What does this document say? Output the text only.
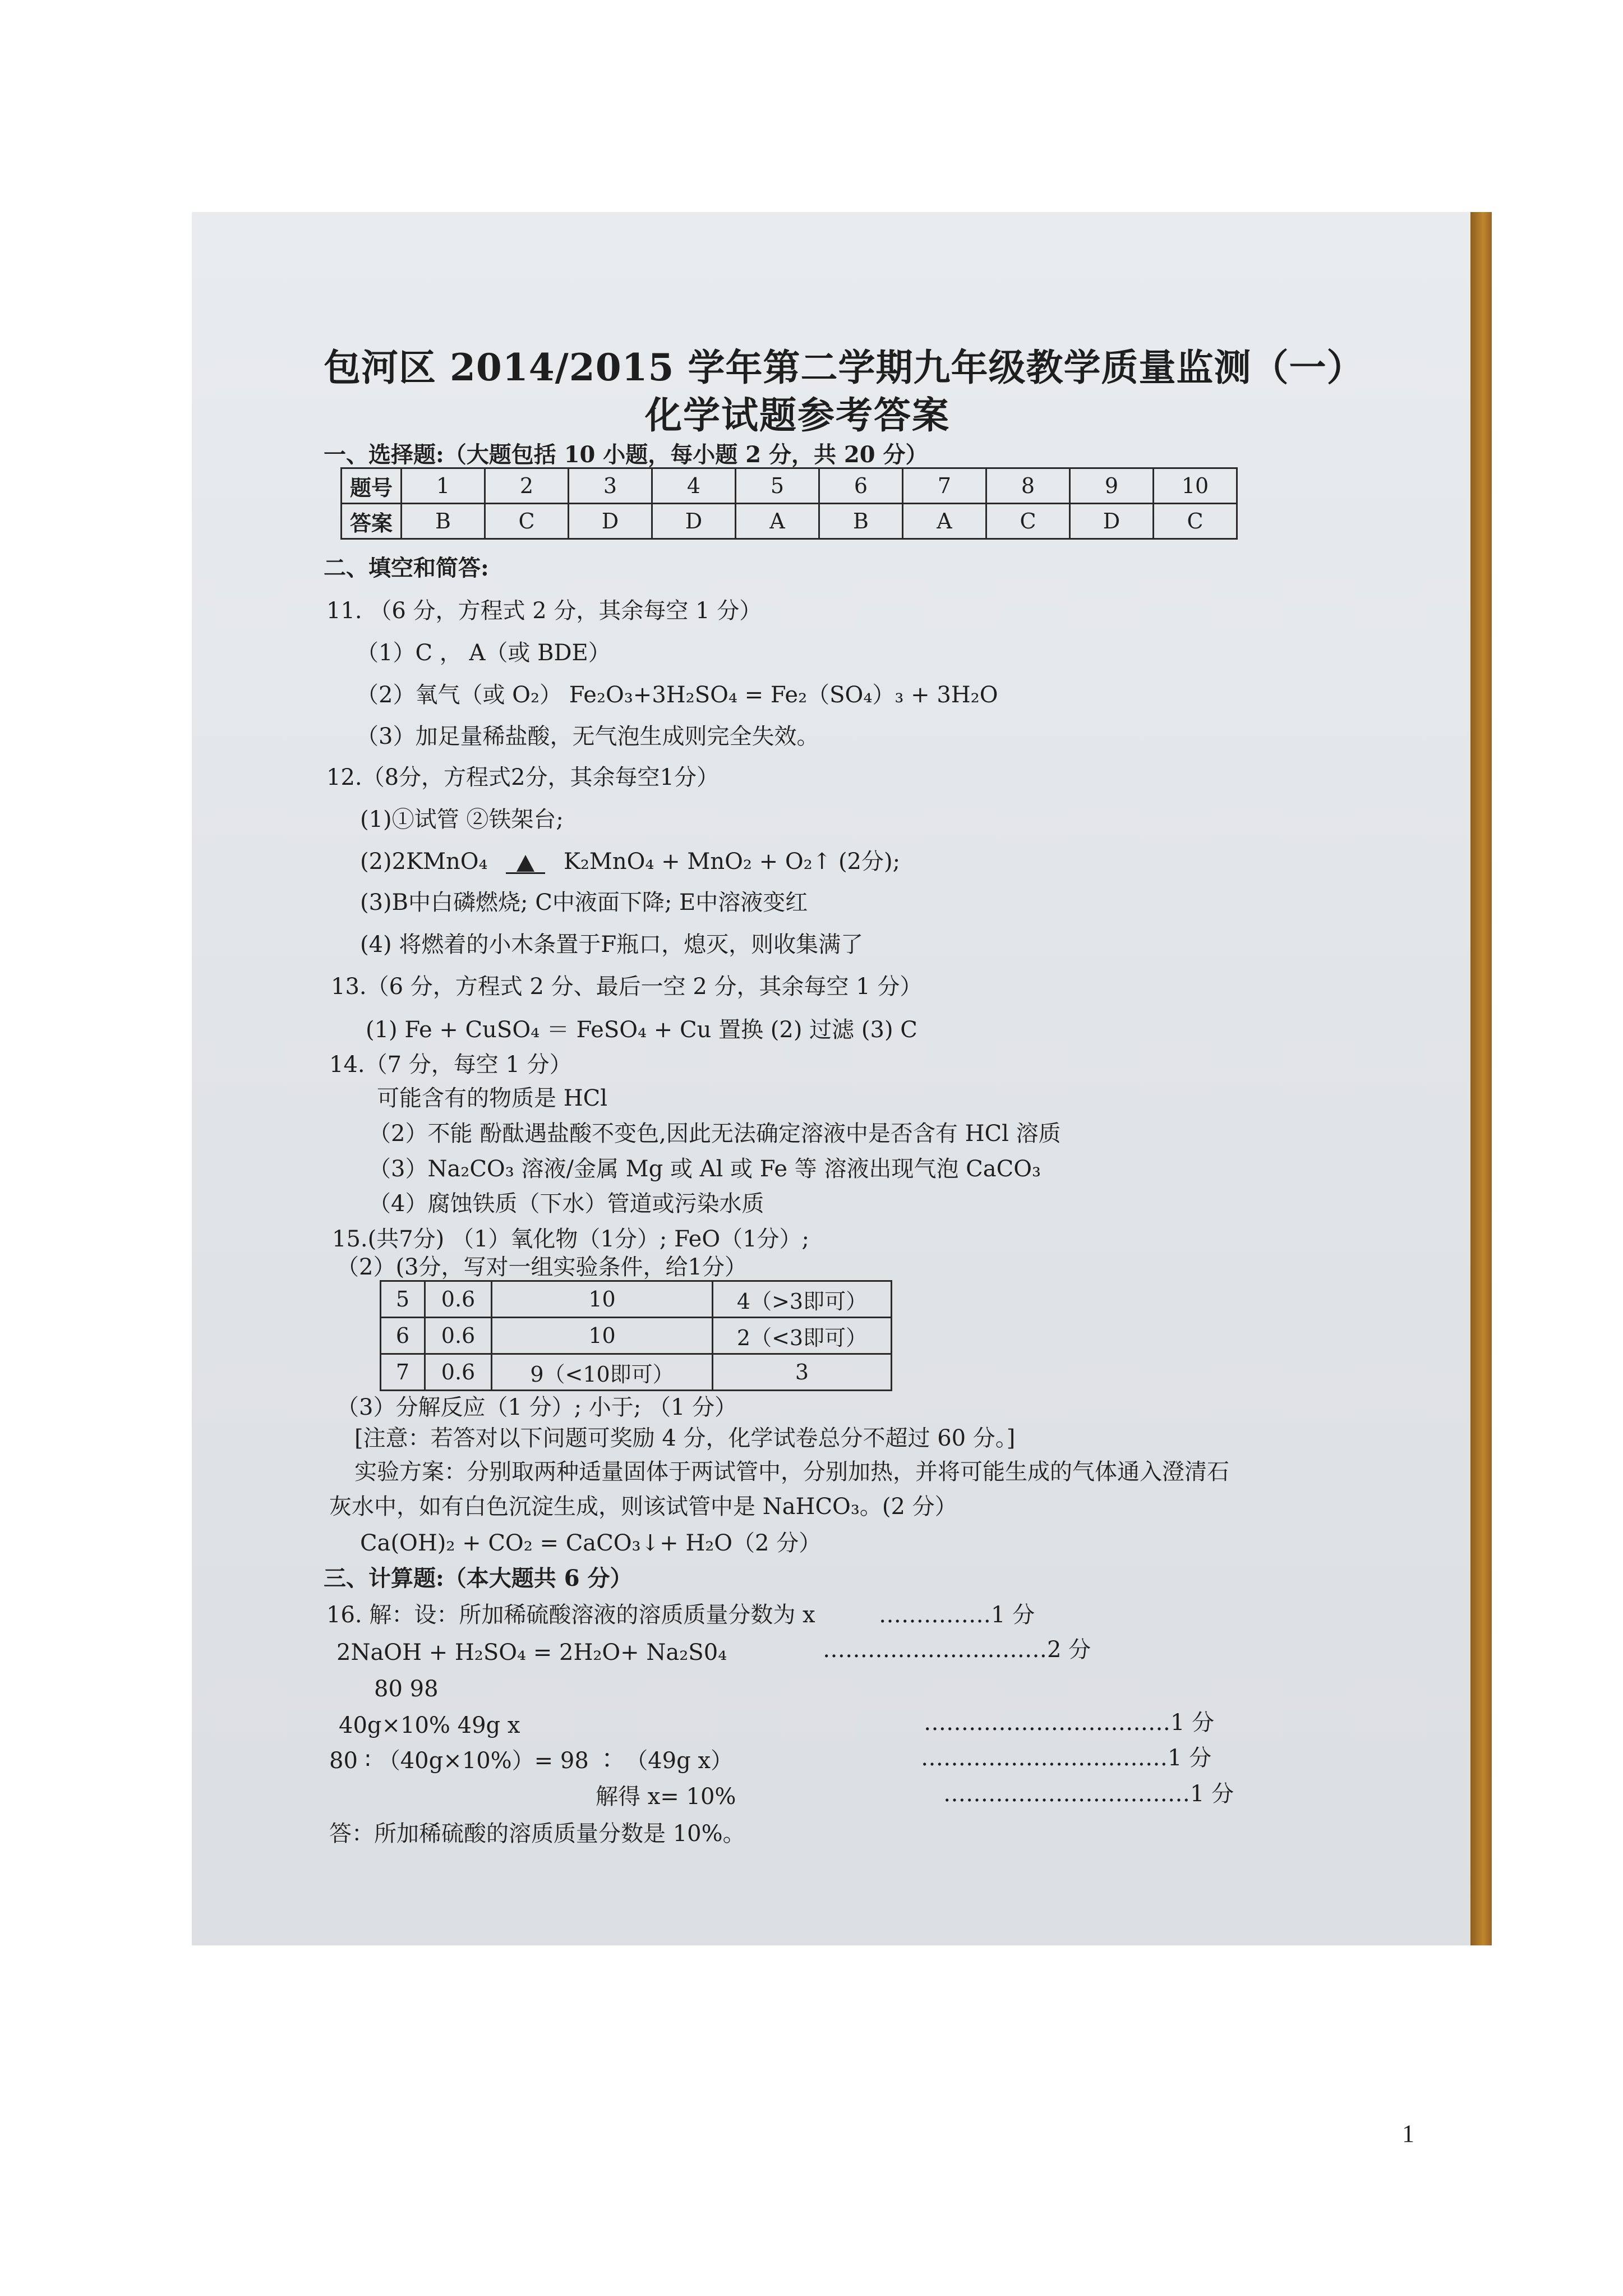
包河区 2014/2015 学年第二学期九年级教学质量监测（一）
化学试题参考答案
一、选择题:（大题包括 10 小题，每小题 2 分，共 20 分）
题号	1	2	3	4	5	6	7	8	9	10
答案	B	C	D	D	A	B	A	C	D	C
二、填空和简答:
11. （6 分，方程式 2 分，其余每空 1 分）
（1）C ， A（或 BDE）
（2）氧气（或 O₂） Fe₂O₃+3H₂SO₄ = Fe₂（SO₄）₃ + 3H₂O
（3）加足量稀盐酸，无气泡生成则完全失效。
12.（8分，方程式2分，其余每空1分）
(1)①试管 ②铁架台;
(2)2KMnO₄	K₂MnO₄ + MnO₂ + O₂↑ (2分);
(3)B中白磷燃烧; C中液面下降; E中溶液变红
(4) 将燃着的小木条置于F瓶口，熄灭，则收集满了
13.（6 分，方程式 2 分、最后一空 2 分，其余每空 1 分）
(1) Fe + CuSO₄ ＝ FeSO₄ + Cu 置换 (2) 过滤 (3) C
14.（7 分，每空 1 分）
可能含有的物质是 HCl
（2）不能 酚酞遇盐酸不变色,因此无法确定溶液中是否含有 HCl 溶质
（3）Na₂CO₃ 溶液/金属 Mg 或 Al 或 Fe 等 溶液出现气泡 CaCO₃
（4）腐蚀铁质（下水）管道或污染水质
15.(共7分) （1）氧化物（1分）; FeO（1分）;
（2）(3分，写对一组实验条件，给1分）
5	0.6	10	4（>3即可）
6	0.6	10	2（<3即可）
7	0.6	9（<10即可）	3
（3）分解反应（1 分）; 小于; （1 分）
[注意：若答对以下问题可奖励 4 分，化学试卷总分不超过 60 分。]
实验方案：分别取两种适量固体于两试管中，分别加热，并将可能生成的气体通入澄清石
灰水中，如有白色沉淀生成，则该试管中是 NaHCO₃。(2 分）
Ca(OH)₂ + CO₂ = CaCO₃↓+ H₂O（2 分）
三、计算题:（本大题共 6 分）
16. 解：设：所加稀硫酸溶液的溶质质量分数为 x	……………1 分
2NaOH + H₂SO₄ = 2H₂O+ Na₂S0₄	…………………………2 分
80 98
40g×10% 49g x	……………………………1 分
80 ∶ （40g×10%）= 98 ∶ （49g x）	……………………………1 分
解得 x= 10%	……………………………1 分
答：所加稀硫酸的溶质质量分数是 10%。
1
